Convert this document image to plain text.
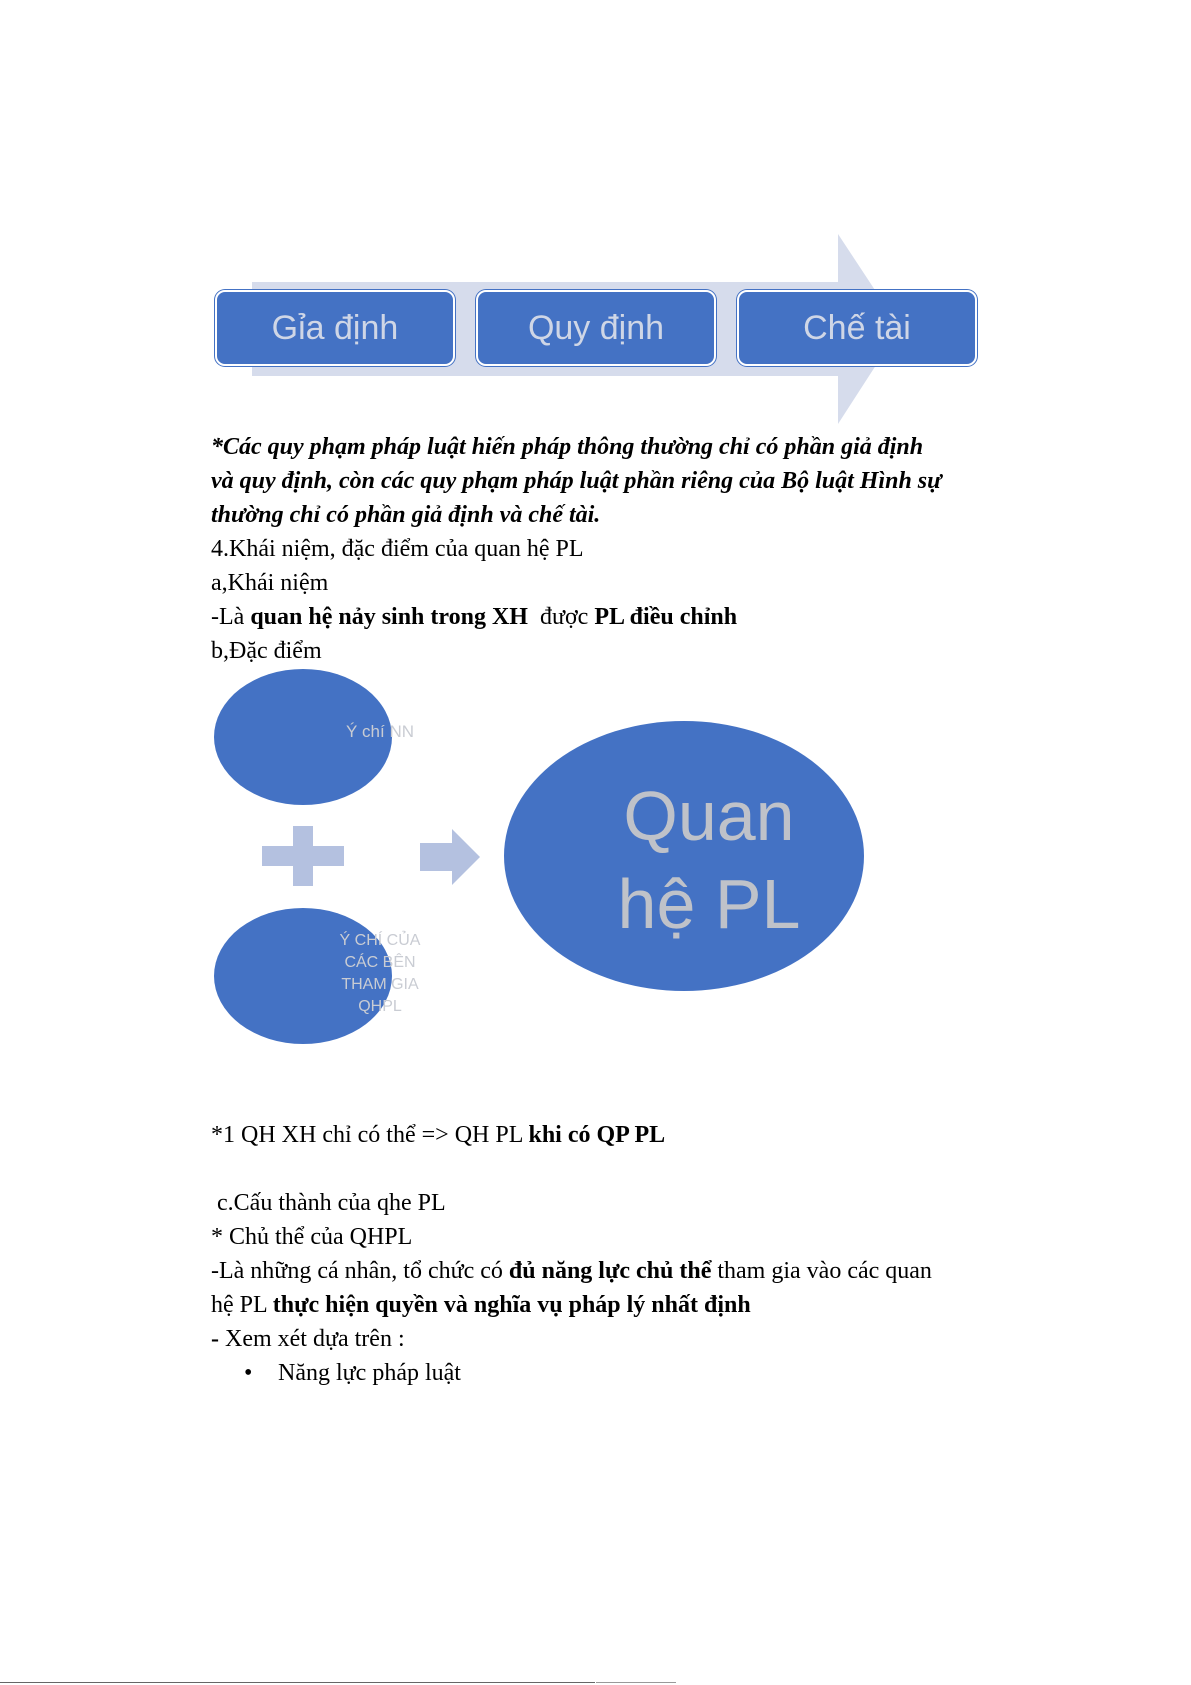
Gỉa định	Quy định	Chế tài
*Các quy phạm pháp luật hiến pháp thông thường chỉ có phần giả định
và quy định, còn các quy phạm pháp luật phần riêng của Bộ luật Hình sự
thường chỉ có phần giả định và chế tài.
4.Khái niệm, đặc điểm của quan hệ PL
a,Khái niệm
-Là quan hệ nảy sinh trong XH  được PL điều chỉnh
b,Đặc điểm
Ý chí NN
Ý CHÍ CỦA
CÁC BÊN
THAM GIA
QHPL
Quan
hệ PL
*1 QH XH chỉ có thể => QH PL khi có QP PL
c.Cấu thành của qhe PL
* Chủ thể của QHPL
-Là những cá nhân, tổ chức có đủ năng lực chủ thể tham gia vào các quan
hệ PL thực hiện quyền và nghĩa vụ pháp lý nhất định
- Xem xét dựa trên :
• Năng lực pháp luật
